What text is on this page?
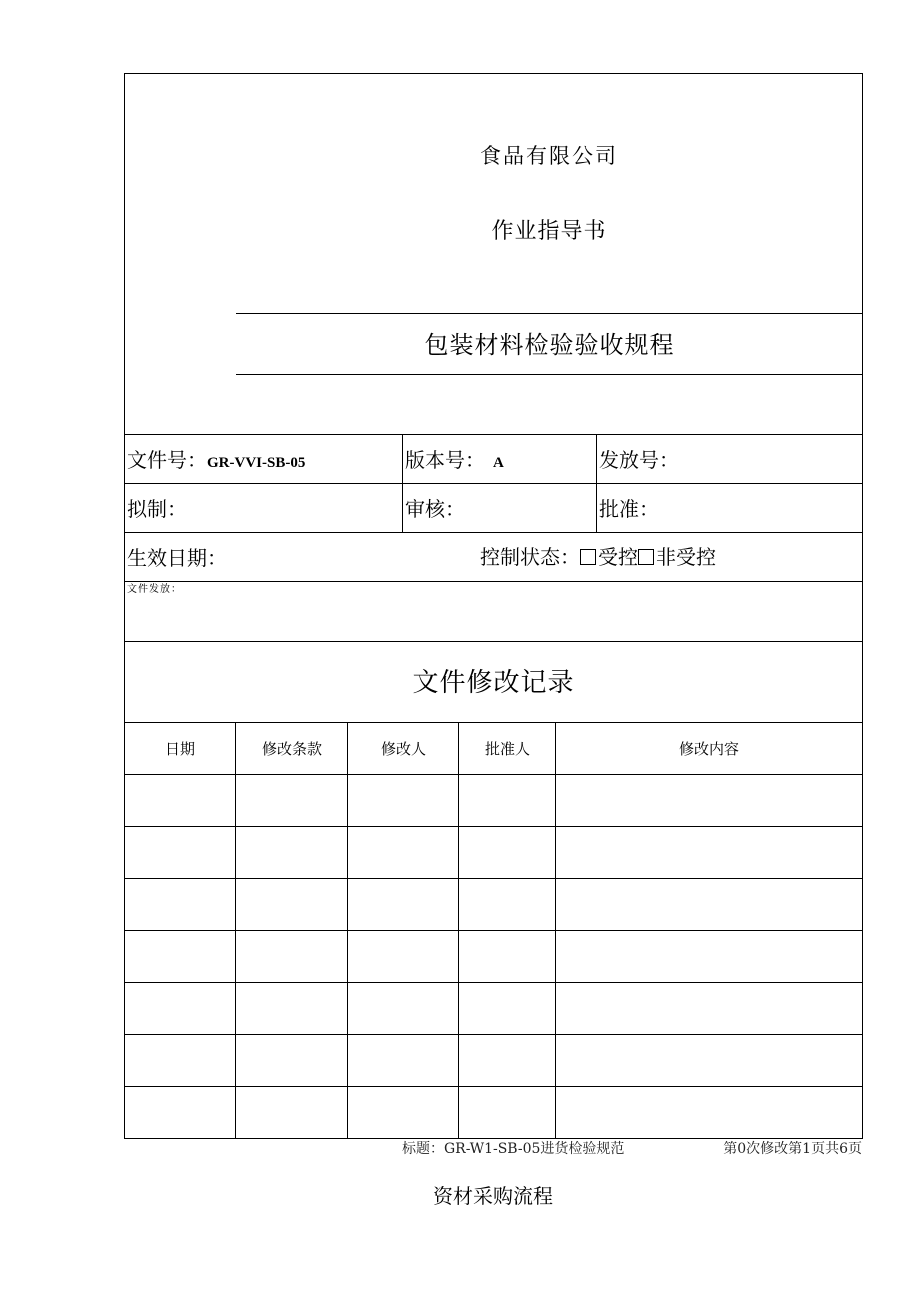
食品有限公司
作业指导书
包装材料检验验收规程
文件号：GR-VVI-SB-05	版本号： A	发放号：
拟制：	审核：	批准：
生效日期：	控制状态： 受控 非受控
文件发放：
文件修改记录
日期	修改条款	修改人	批准人	修改内容
标题：GR-W1-SB-05进货检验规范	第0次修改第1页共6页
资材采购流程
